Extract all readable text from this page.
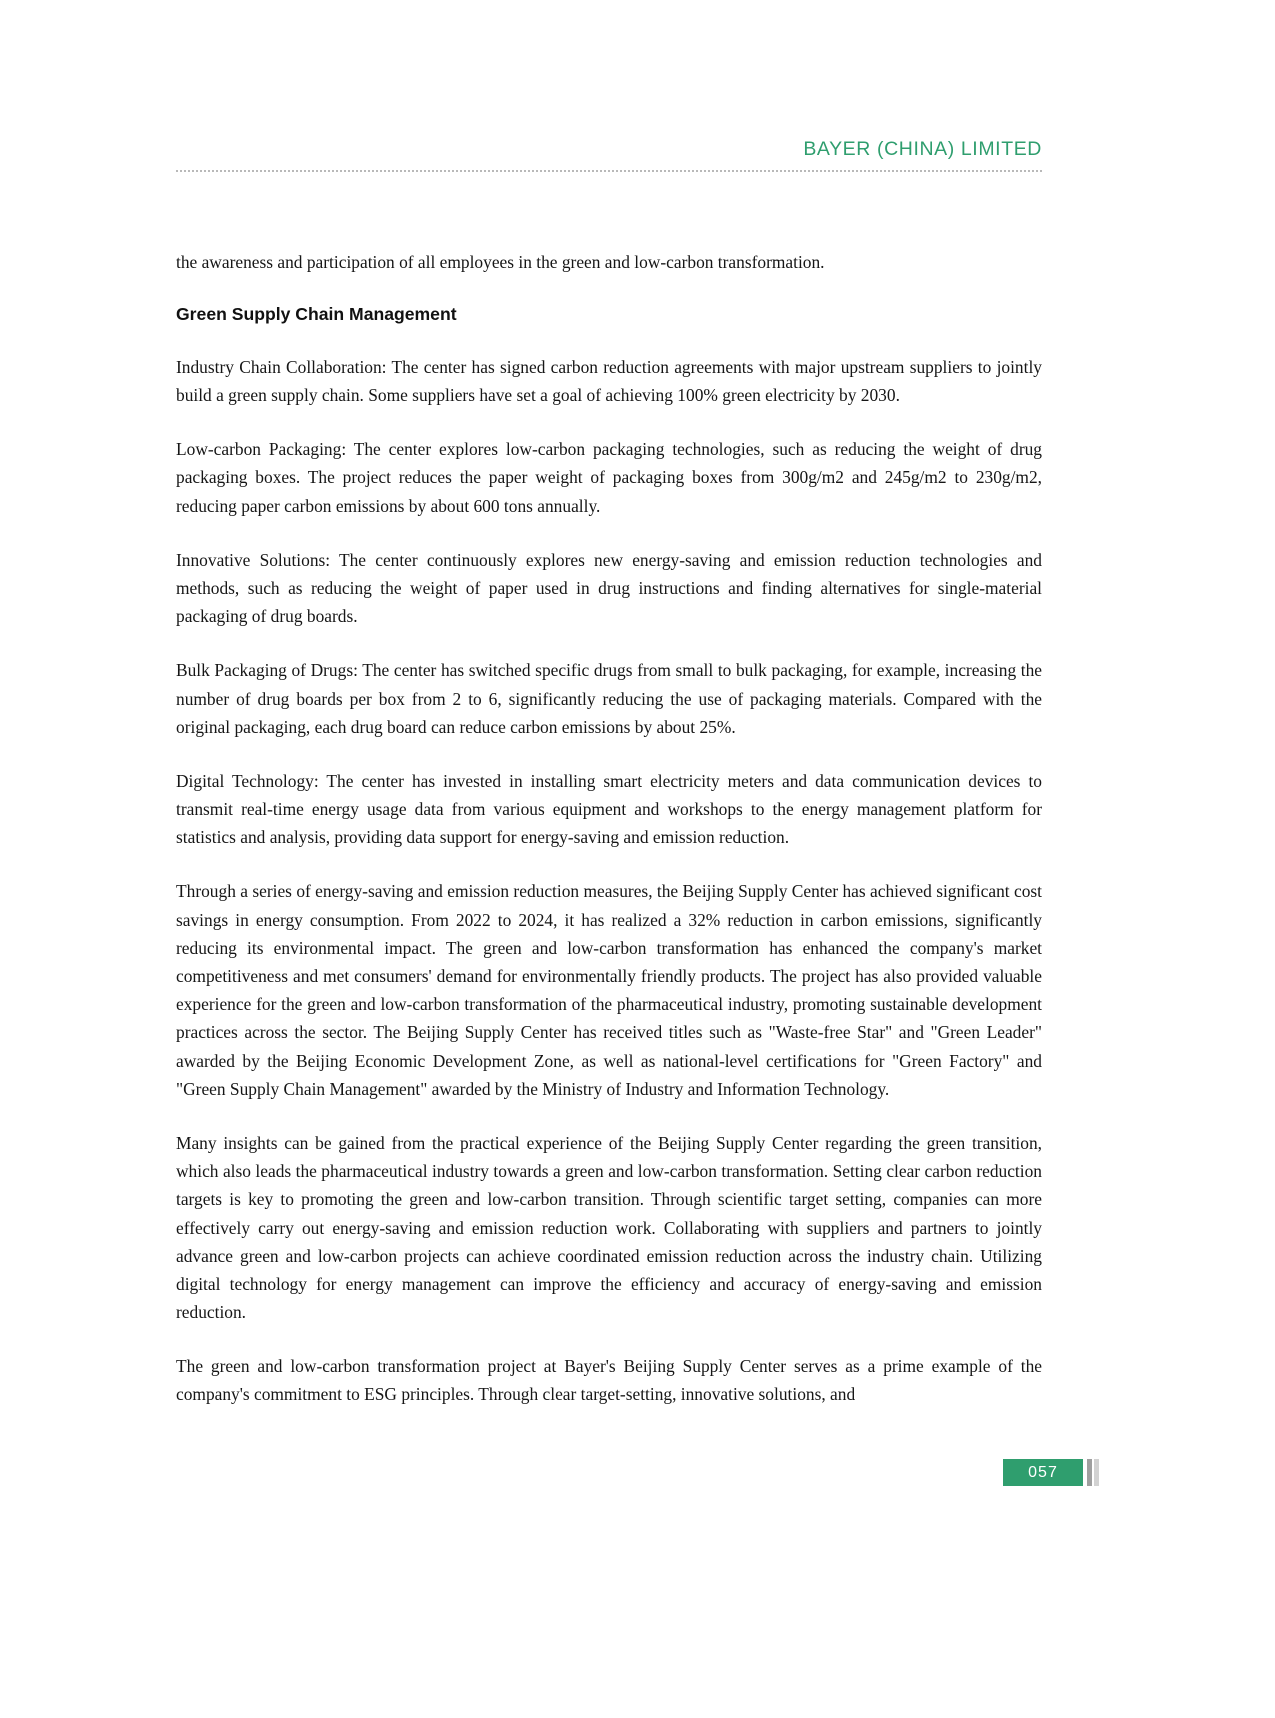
BAYER (CHINA) LIMITED

the awareness and participation of all employees in the green and low-carbon transformation.

Green Supply Chain Management

Industry Chain Collaboration: The center has signed carbon reduction agreements with major upstream suppliers to jointly build a green supply chain. Some suppliers have set a goal of achieving 100% green electricity by 2030.

Low-carbon Packaging: The center explores low-carbon packaging technologies, such as reducing the weight of drug packaging boxes. The project reduces the paper weight of packaging boxes from 300g/m2 and 245g/m2 to 230g/m2, reducing paper carbon emissions by about 600 tons annually.

Innovative Solutions: The center continuously explores new energy-saving and emission reduction technologies and methods, such as reducing the weight of paper used in drug instructions and finding alternatives for single-material packaging of drug boards.

Bulk Packaging of Drugs: The center has switched specific drugs from small to bulk packaging, for example, increasing the number of drug boards per box from 2 to 6, significantly reducing the use of packaging materials. Compared with the original packaging, each drug board can reduce carbon emissions by about 25%.

Digital Technology: The center has invested in installing smart electricity meters and data communication devices to transmit real-time energy usage data from various equipment and workshops to the energy management platform for statistics and analysis, providing data support for energy-saving and emission reduction.

Through a series of energy-saving and emission reduction measures, the Beijing Supply Center has achieved significant cost savings in energy consumption. From 2022 to 2024, it has realized a 32% reduction in carbon emissions, significantly reducing its environmental impact. The green and low-carbon transformation has enhanced the company's market competitiveness and met consumers' demand for environmentally friendly products. The project has also provided valuable experience for the green and low-carbon transformation of the pharmaceutical industry, promoting sustainable development practices across the sector. The Beijing Supply Center has received titles such as "Waste-free Star" and "Green Leader" awarded by the Beijing Economic Development Zone, as well as national-level certifications for "Green Factory" and "Green Supply Chain Management" awarded by the Ministry of Industry and Information Technology.

Many insights can be gained from the practical experience of the Beijing Supply Center regarding the green transition, which also leads the pharmaceutical industry towards a green and low-carbon transformation. Setting clear carbon reduction targets is key to promoting the green and low-carbon transition. Through scientific target setting, companies can more effectively carry out energy-saving and emission reduction work. Collaborating with suppliers and partners to jointly advance green and low-carbon projects can achieve coordinated emission reduction across the industry chain. Utilizing digital technology for energy management can improve the efficiency and accuracy of energy-saving and emission reduction.

The green and low-carbon transformation project at Bayer's Beijing Supply Center serves as a prime example of the company's commitment to ESG principles. Through clear target-setting, innovative solutions, and

057
